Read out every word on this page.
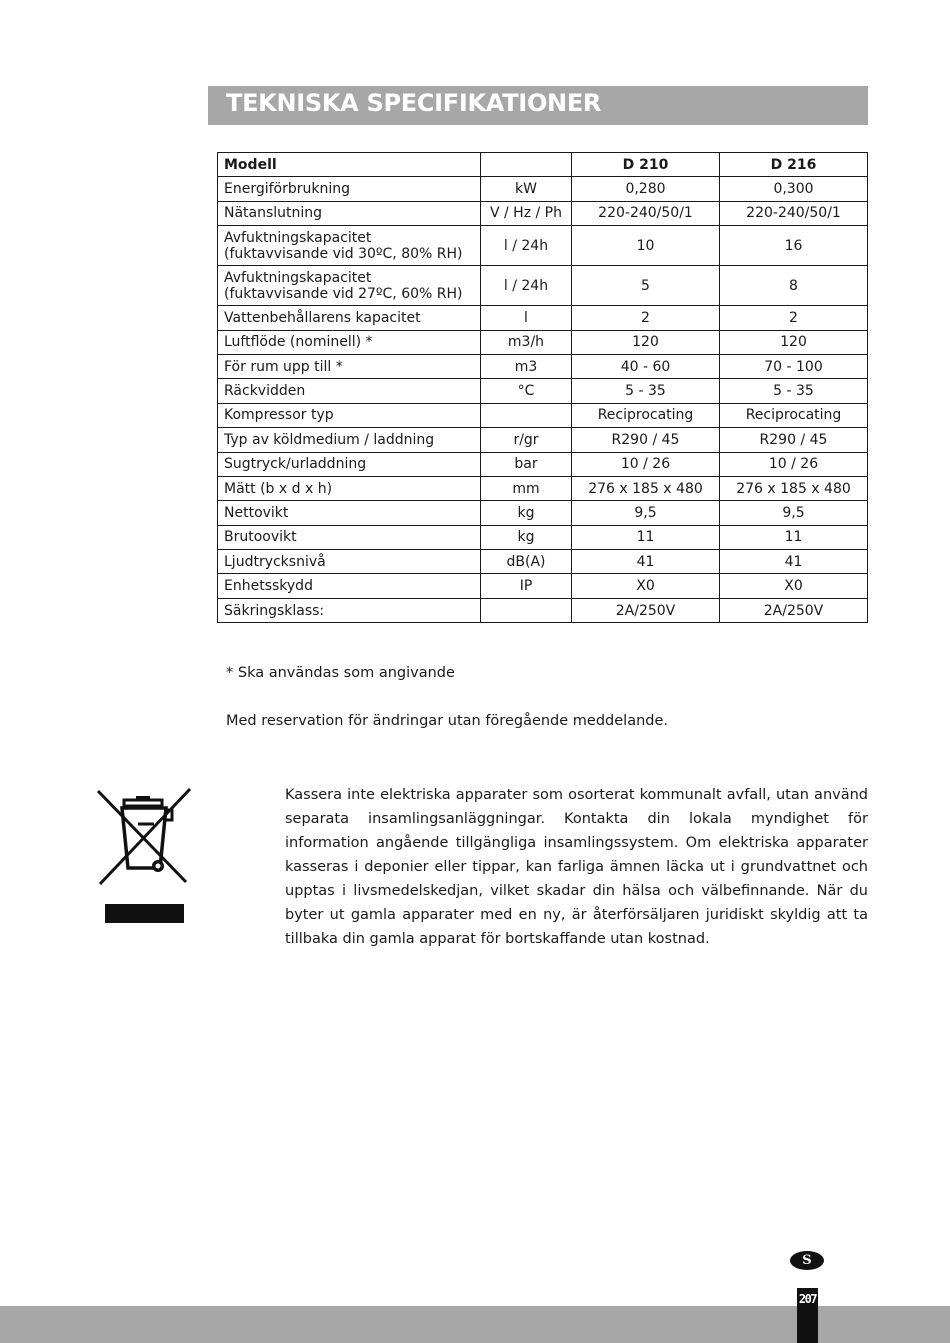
TEKNISKA SPECIFIKATIONER
Modell		D 210	D 216
Energiförbrukning	kW	0,280	0,300
Nätanslutning	V / Hz / Ph	220-240/50/1	220-240/50/1
Avfuktningskapacitet (fuktavvisande vid 30ºC, 80% RH)	l / 24h	10	16
Avfuktningskapacitet (fuktavvisande vid 27ºC, 60% RH)	l / 24h	5	8
Vattenbehållarens kapacitet	l	2	2
Luftflöde (nominell) *	m3/h	120	120
För rum upp till *	m3	40 - 60	70 - 100
Räckvidden	°C	5 - 35	5 - 35
Kompressor typ		Reciprocating	Reciprocating
Typ av köldmedium / laddning	r/gr	R290 / 45	R290 / 45
Sugtryck/urladdning	bar	10 / 26	10 / 26
Mätt (b x d x h)	mm	276 x 185 x 480	276 x 185 x 480
Nettovikt	kg	9,5	9,5
Brutoovikt	kg	11	11
Ljudtrycksnivå	dB(A)	41	41
Enhetsskydd	IP	X0	X0
Säkringsklass:		2A/250V	2A/250V
* Ska användas som angivande
Med reservation för ändringar utan föregående meddelande.

Kassera inte elektriska apparater som osorterat kommunalt avfall, utan använd separata insamlingsanläggningar. Kontakta din lokala myndighet för information angående tillgängliga insamlingssystem. Om elektriska apparater kasseras i deponier eller tippar, kan farliga ämnen läcka ut i grundvattnet och upptas i livsmedelskedjan, vilket skadar din hälsa och välbefinnande. När du byter ut gamla apparater med en ny, är återförsäljaren juridiskt skyldig att ta tillbaka din gamla apparat för bortskaffande utan kostnad.

S
207
